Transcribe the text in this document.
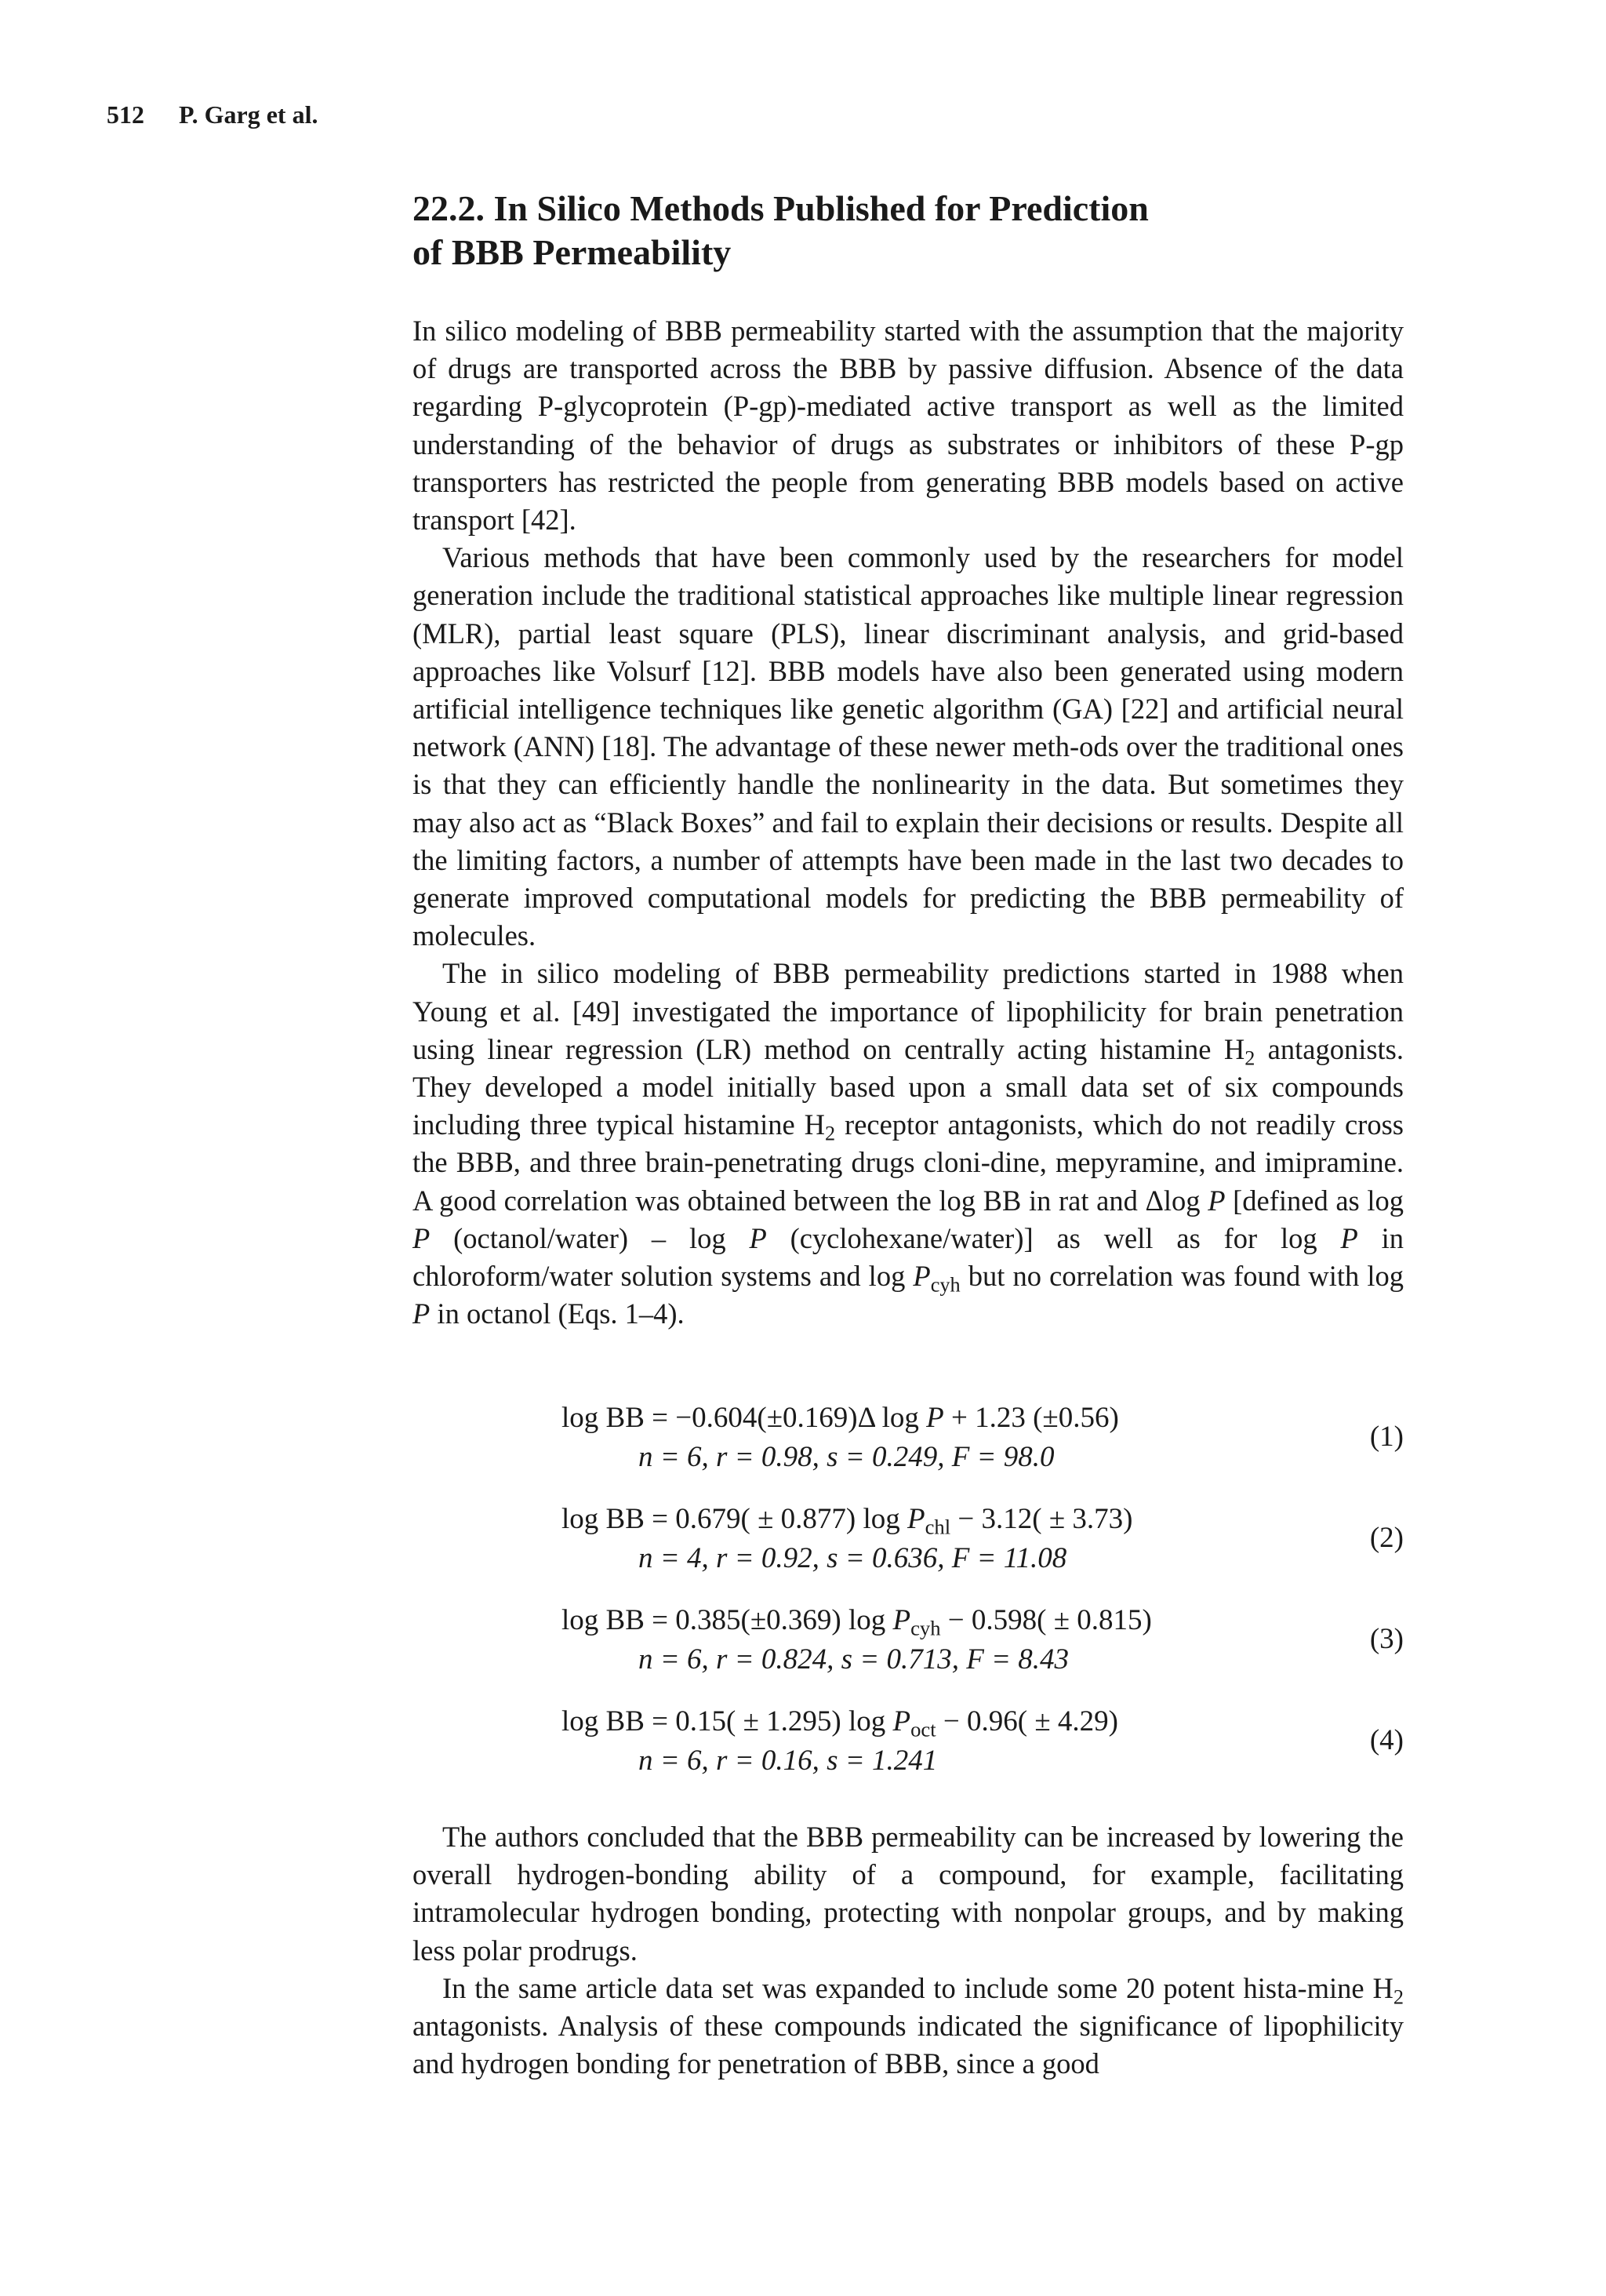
512 P. Garg et al.
22.2. In Silico Methods Published for Prediction
of BBB Permeability

In silico modeling of BBB permeability started with the assumption that the majority of drugs are transported across the BBB by passive diffusion. Absence of the data regarding P-glycoprotein (P-gp)-mediated active transport as well as the limited understanding of the behavior of drugs as substrates or inhibitors of these P-gp transporters has restricted the people from generating BBB models based on active transport [42].

Various methods that have been commonly used by the researchers for model generation include the traditional statistical approaches like multiple linear regression (MLR), partial least square (PLS), linear discriminant analysis, and grid-based approaches like Volsurf [12]. BBB models have also been generated using modern artificial intelligence techniques like genetic algorithm (GA) [22] and artificial neural network (ANN) [18]. The advantage of these newer meth-ods over the traditional ones is that they can efficiently handle the nonlinearity in the data. But sometimes they may also act as “Black Boxes” and fail to explain their decisions or results. Despite all the limiting factors, a number of attempts have been made in the last two decades to generate improved computational models for predicting the BBB permeability of molecules.

The in silico modeling of BBB permeability predictions started in 1988 when Young et al. [49] investigated the importance of lipophilicity for brain penetration using linear regression (LR) method on centrally acting histamine $H_2$ antagonists. They developed a model initially based upon a small data set of six compounds including three typical histamine $H_2$ receptor antagonists, which do not readily cross the BBB, and three brain-penetrating drugs cloni-dine, mepyramine, and imipramine. A good correlation was obtained between the log BB in rat and Δlog P [defined as log P (octanol/water) – log P (cyclohexane/water)] as well as for log P in chloroform/water solution systems and $\log P_{cyh}$ but no correlation was found with log P in octanol (Eqs. 1–4).

log BB = −0.604(±0.169)Δ log P + 1.23 (±0.56)
n = 6, r = 0.98, s = 0.249, F = 98.0
(1)
log BB = 0.679( ± 0.877) $\log P_{chl} - 3.12( \pm 3.73)$
n = 4, r = 0.92, s = 0.636, F = 11.08
(2)
log BB = 0.385(±0.369) $\log P_{cyh} - 0.598( \pm 0.815)$
n = 6, r = 0.824, s = 0.713, F = 8.43
(3)
log BB = 0.15( ± 1.295) $\log P_{oct} - 0.96( \pm 4.29)$
n = 6, r = 0.16, s = 1.241
(4)

The authors concluded that the BBB permeability can be increased by lowering the overall hydrogen-bonding ability of a compound, for example, facilitating intramolecular hydrogen bonding, protecting with nonpolar groups, and by making less polar prodrugs.

In the same article data set was expanded to include some 20 potent hista-mine $H_2$ antagonists. Analysis of these compounds indicated the significance of lipophilicity and hydrogen bonding for penetration of BBB, since a good
